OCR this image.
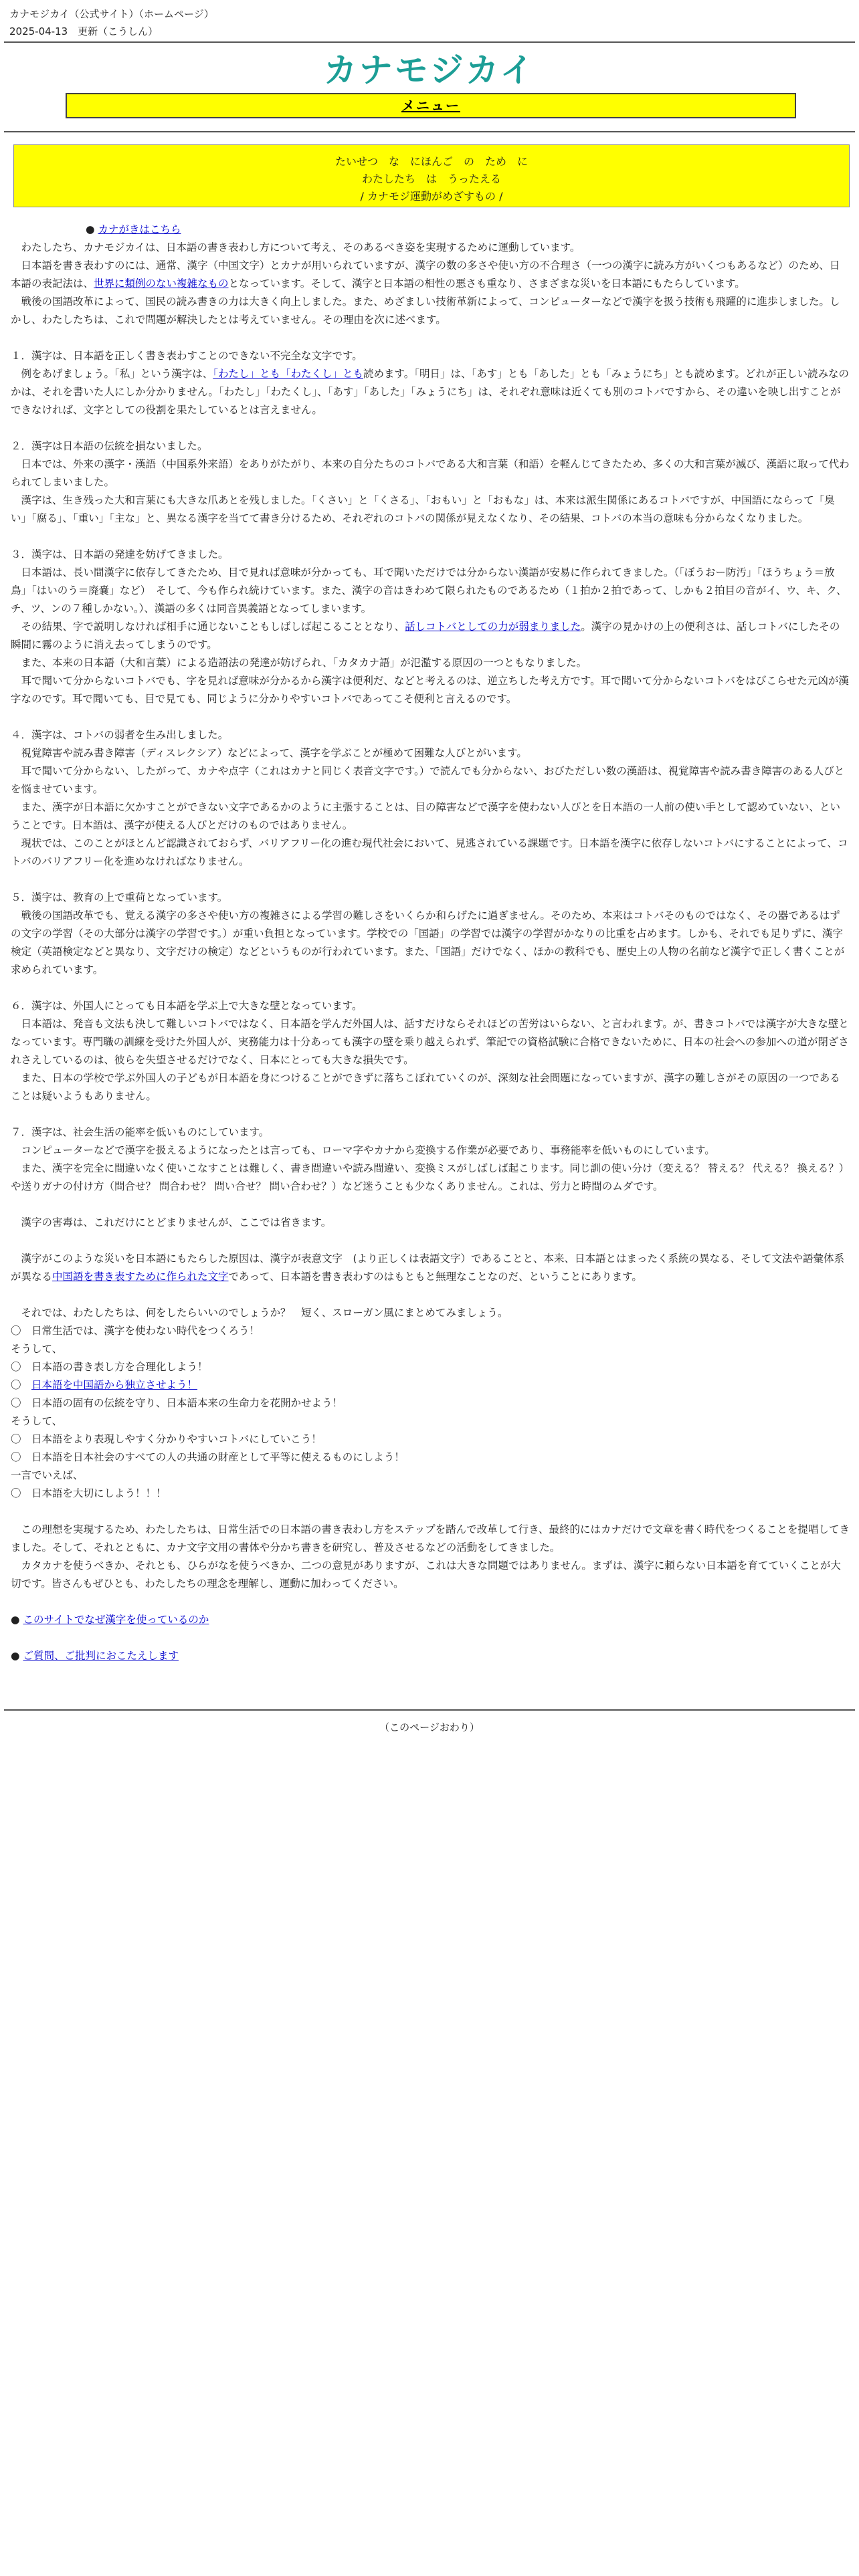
カナモジカイ（公式サイト）（ホームページ）
2025-04-13　更新（こうしん）
カナモジカイ
メニュー
たいせつ　な　にほんご　の　ため　に
わたしたち　は　うったえる
/ カナモジ運動がめざすもの /

● カナがきはこちら

　わたしたち、カナモジカイは、日本語の書き表わし方について考え、そのあるべき姿を実現するために運動しています。

　日本語を書き表わすのには、通常、漢字（中国文字）とカナが用いられていますが、漢字の数の多さや使い方の不合理さ（一つの漢字に読み方がいくつもあるなど）のため、日本語の表記法は、世界に類例のない複雑なものとなっています。そして、漢字と日本語の相性の悪さも重なり、さまざまな災いを日本語にもたらしています。

　戦後の国語改革によって、国民の読み書きの力は大きく向上しました。また、めざましい技術革新によって、コンピューターなどで漢字を扱う技術も飛躍的に進歩しました。しかし、わたしたちは、これで問題が解決したとは考えていません。その理由を次に述べます。

１．漢字は、日本語を正しく書き表わすことのできない不完全な文字です。

　例をあげましょう。「私」という漢字は、「わたし」とも「わたくし」とも読めます。「明日」は、「あす」とも「あした」とも「みょうにち」とも読めます。どれが正しい読みなのかは、それを書いた人にしか分かりません。「わたし」「わたくし」、「あす」「あした」「みょうにち」は、それぞれ意味は近くても別のコトバですから、その違いを映し出すことができなければ、文字としての役割を果たしているとは言えません。

２．漢字は日本語の伝統を損ないました。

　日本では、外来の漢字・漢語（中国系外来語）をありがたがり、本来の自分たちのコトバである大和言葉（和語）を軽んじてきたため、多くの大和言葉が滅び、漢語に取って代わられてしまいました。

　漢字は、生き残った大和言葉にも大きな爪あとを残しました。「くさい」と「くさる」、「おもい」と「おもな」は、本来は派生関係にあるコトバですが、中国語にならって「臭い」「腐る」、「重い」「主な」と、異なる漢字を当てて書き分けるため、それぞれのコトバの関係が見えなくなり、その結果、コトバの本当の意味も分からなくなりました。

３．漢字は、日本語の発達を妨げてきました。

　日本語は、長い間漢字に依存してきたため、目で見れば意味が分かっても、耳で聞いただけでは分からない漢語が安易に作られてきました。（「ぼうおー防汚」「ほうちょう＝放鳥」「はいのう＝廃嚢」など）　そして、今も作られ続けています。また、漢字の音はきわめて限られたものであるため（１拍か２拍であって、しかも２拍目の音がイ、ウ、キ、ク、チ、ツ、ンの７種しかない。）、漢語の多くは同音異義語となってしまいます。

　その結果、字で説明しなければ相手に通じないこともしばしば起こることとなり、話しコトバとしての力が弱まりました。漢字の見かけの上の便利さは、話しコトバにしたその瞬間に霧のように消え去ってしまうのです。

　また、本来の日本語（大和言葉）による造語法の発達が妨げられ、「カタカナ語」が氾濫する原因の一つともなりました。

　耳で聞いて分からないコトバでも、字を見れば意味が分かるから漢字は便利だ、などと考えるのは、逆立ちした考え方です。耳で聞いて分からないコトバをはびこらせた元凶が漢字なのです。耳で聞いても、目で見ても、同じように分かりやすいコトバであってこそ便利と言えるのです。

４．漢字は、コトバの弱者を生み出しました。

　視覚障害や読み書き障害（ディスレクシア）などによって、漢字を学ぶことが極めて困難な人びとがいます。

　耳で聞いて分からない、したがって、カナや点字（これはカナと同じく表音文字です。）で読んでも分からない、おびただしい数の漢語は、視覚障害や読み書き障害のある人びとを悩ませています。

　また、漢字が日本語に欠かすことができない文字であるかのように主張することは、目の障害などで漢字を使わない人びとを日本語の一人前の使い手として認めていない、ということです。日本語は、漢字が使える人びとだけのものではありません。

　現状では、このことがほとんど認識されておらず、バリアフリー化の進む現代社会において、見逃されている課題です。日本語を漢字に依存しないコトバにすることによって、コトバのバリアフリー化を進めなければなりません。

５．漢字は、教育の上で重荷となっています。

　戦後の国語改革でも、覚える漢字の多さや使い方の複雑さによる学習の難しさをいくらか和らげたに過ぎません。そのため、本来はコトバそのものではなく、その器であるはずの文字の学習（その大部分は漢字の学習です。）が重い負担となっています。学校での「国語」の学習では漢字の学習がかなりの比重を占めます。しかも、それでも足りずに、漢字検定（英語検定などと異なり、文字だけの検定）などというものが行われています。また、「国語」だけでなく、ほかの教科でも、歴史上の人物の名前など漢字で正しく書くことが求められています。

６．漢字は、外国人にとっても日本語を学ぶ上で大きな壁となっています。

　日本語は、発音も文法も決して難しいコトバではなく、日本語を学んだ外国人は、話すだけならそれほどの苦労はいらない、と言われます。が、書きコトバでは漢字が大きな壁となっています。専門職の訓練を受けた外国人が、実務能力は十分あっても漢字の壁を乗り越えられず、筆記での資格試験に合格できないために、日本の社会への参加への道が閉ざされさえしているのは、彼らを失望させるだけでなく、日本にとっても大きな損失です。

　また、日本の学校で学ぶ外国人の子どもが日本語を身につけることができずに落ちこぼれていくのが、深刻な社会問題になっていますが、漢字の難しさがその原因の一つであることは疑いようもありません。

７．漢字は、社会生活の能率を低いものにしています。

　コンピューターなどで漢字を扱えるようになったとは言っても、ローマ字やカナから変換する作業が必要であり、事務能率を低いものにしています。

　また、漢字を完全に間違いなく使いこなすことは難しく、書き間違いや読み間違い、変換ミスがしばしば起こります。同じ訓の使い分け（変える？ 替える？ 代える？ 換える？）や送りガナの付け方（問合せ？ 問合わせ？ 問い合せ？ 問い合わせ？）など迷うことも少なくありません。これは、労力と時間のムダです。

　漢字の害毒は、これだけにとどまりませんが、ここでは省きます。

　漢字がこのような災いを日本語にもたらした原因は、漢字が表意文字　(より正しくは表語文字）であることと、本来、日本語とはまったく系統の異なる、そして文法や語彙体系が異なる中国語を書き表すために作られた文字であって、日本語を書き表わすのはもともと無理なことなのだ、ということにあります。

　それでは、わたしたちは、何をしたらいいのでしょうか？　短く、スローガン風にまとめてみましょう。

〇　日常生活では、漢字を使わない時代をつくろう！

そうして、

〇　日本語の書き表し方を合理化しよう！

〇　日本語を中国語から独立させよう！

〇　日本語の固有の伝統を守り、日本語本来の生命力を花開かせよう！

そうして、

〇　日本語をより表現しやすく分かりやすいコトバにしていこう！

〇　日本語を日本社会のすべての人の共通の財産として平等に使えるものにしよう！

一言でいえば、

〇　日本語を大切にしよう！！！

　この理想を実現するため、わたしたちは、日常生活での日本語の書き表わし方をステップを踏んで改革して行き、最終的にはカナだけで文章を書く時代をつくることを提唱してきました。そして、それとともに、カナ文字文用の書体や分かち書きを研究し、普及させるなどの活動をしてきました。

　カタカナを使うべきか、それとも、ひらがなを使うべきか、二つの意見がありますが、これは大きな問題ではありません。まずは、漢字に頼らない日本語を育てていくことが大切です。皆さんもぜひとも、わたしたちの理念を理解し、運動に加わってください。

● このサイトでなぜ漢字を使っているのか

● ご質問、ご批判におこたえします

（このページおわり）
